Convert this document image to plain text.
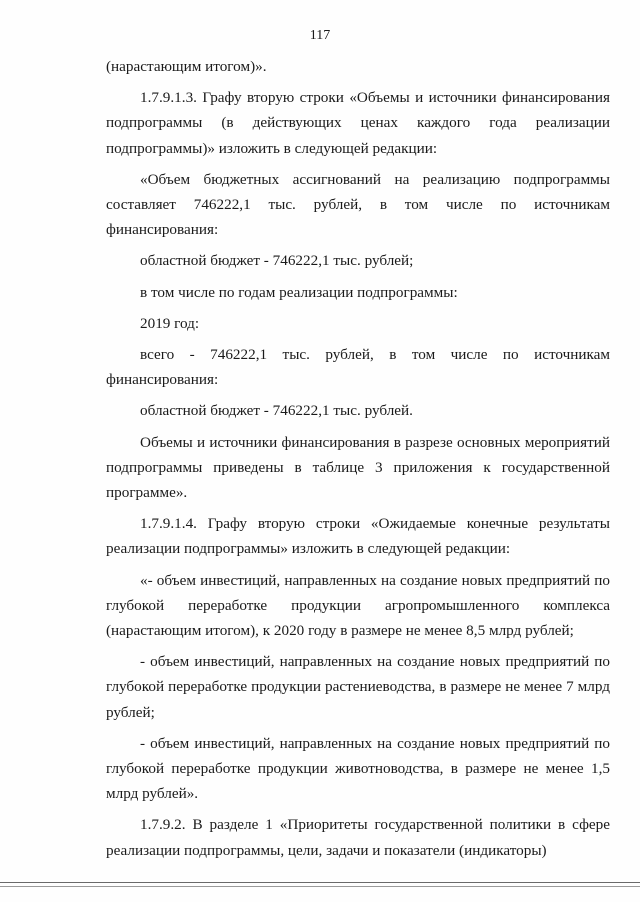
117

(нарастающим итогом)».

1.7.9.1.3. Графу вторую строки «Объемы и источники финансирования подпрограммы (в действующих ценах каждого года реализации подпрограммы)» изложить в следующей редакции:

«Объем бюджетных ассигнований на реализацию подпрограммы составляет 746222,1 тыс. рублей, в том числе по источникам финансирования:

областной бюджет - 746222,1 тыс. рублей;

в том числе по годам реализации подпрограммы:

2019 год:

всего - 746222,1 тыс. рублей, в том числе по источникам финансирования:

областной бюджет - 746222,1 тыс. рублей.

Объемы и источники финансирования в разрезе основных мероприятий подпрограммы приведены в таблице 3 приложения к государственной программе».

1.7.9.1.4. Графу вторую строки «Ожидаемые конечные результаты реализации подпрограммы» изложить в следующей редакции:

«- объем инвестиций, направленных на создание новых предприятий по глубокой переработке продукции агропромышленного комплекса (нарастающим итогом), к 2020 году в размере не менее 8,5 млрд рублей;

- объем инвестиций, направленных на создание новых предприятий по глубокой переработке продукции растениеводства, в размере не менее 7 млрд рублей;

- объем инвестиций, направленных на создание новых предприятий по глубокой переработке продукции животноводства, в размере не менее 1,5 млрд рублей».

1.7.9.2. В разделе 1 «Приоритеты государственной политики в сфере реализации подпрограммы, цели, задачи и показатели (индикаторы)
